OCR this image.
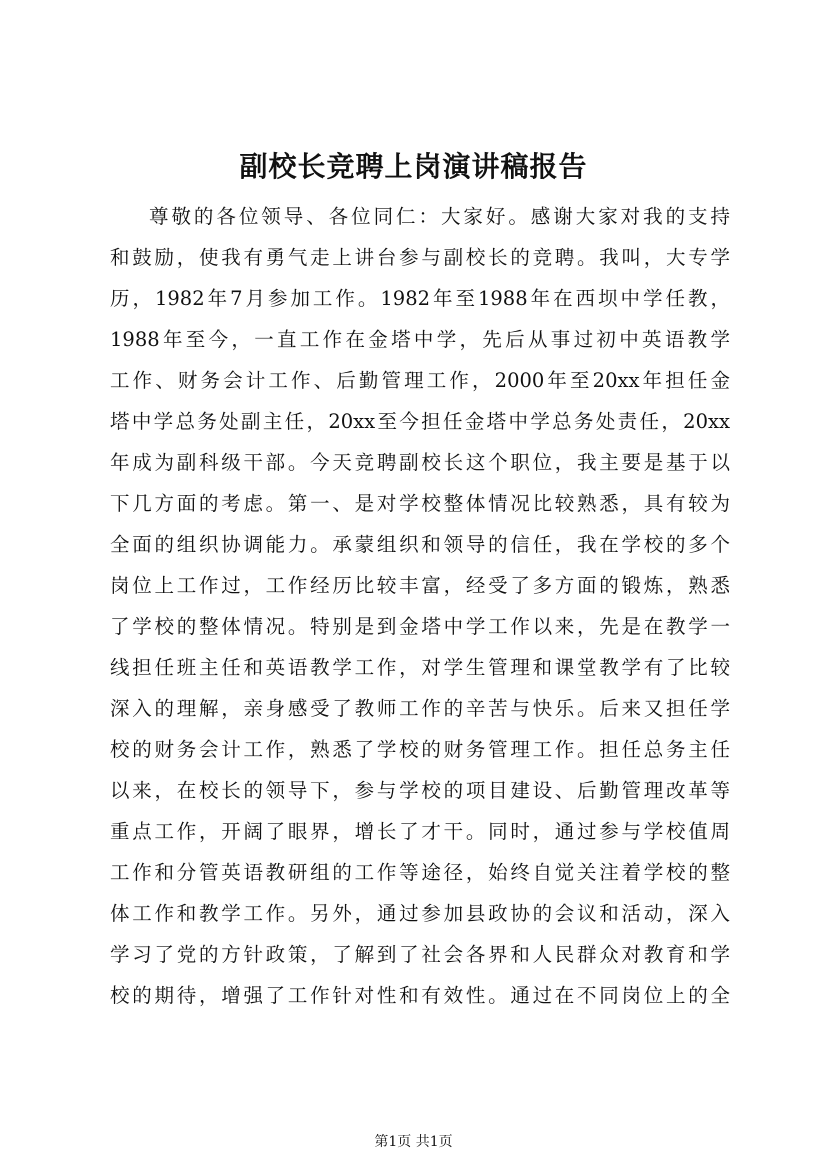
副校长竞聘上岗演讲稿报告
尊敬的各位领导、各位同仁：大家好。感谢大家对我的支持
和鼓励，使我有勇气走上讲台参与副校长的竞聘。我叫，大专学
历，1982年7月参加工作。1982年至1988年在西坝中学任教，
1988年至今，一直工作在金塔中学，先后从事过初中英语教学
工作、财务会计工作、后勤管理工作，2000年至20xx年担任金
塔中学总务处副主任，20xx至今担任金塔中学总务处责任，20xx
年成为副科级干部。今天竞聘副校长这个职位，我主要是基于以
下几方面的考虑。第一、是对学校整体情况比较熟悉，具有较为
全面的组织协调能力。承蒙组织和领导的信任，我在学校的多个
岗位上工作过，工作经历比较丰富，经受了多方面的锻炼，熟悉
了学校的整体情况。特别是到金塔中学工作以来，先是在教学一
线担任班主任和英语教学工作，对学生管理和课堂教学有了比较
深入的理解，亲身感受了教师工作的辛苦与快乐。后来又担任学
校的财务会计工作，熟悉了学校的财务管理工作。担任总务主任
以来，在校长的领导下，参与学校的项目建设、后勤管理改革等
重点工作，开阔了眼界，增长了才干。同时，通过参与学校值周
工作和分管英语教研组的工作等途径，始终自觉关注着学校的整
体工作和教学工作。另外，通过参加县政协的会议和活动，深入
学习了党的方针政策，了解到了社会各界和人民群众对教育和学
校的期待，增强了工作针对性和有效性。通过在不同岗位上的全
第1页 共1页
